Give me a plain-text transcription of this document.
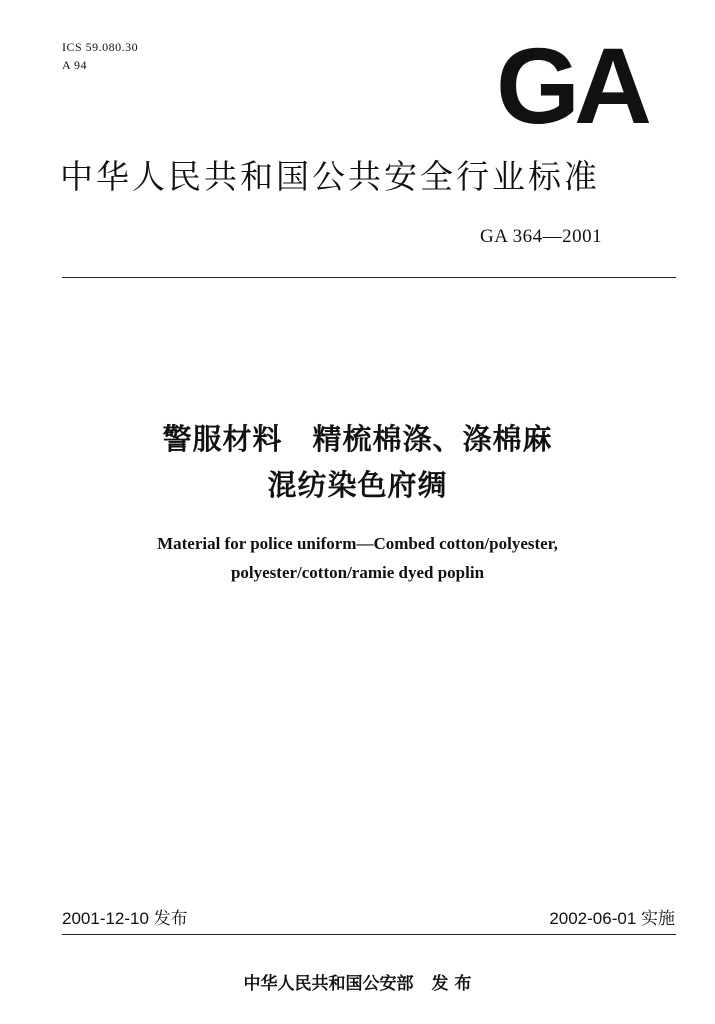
ICS 59.080.30
A 94	GA
中华人民共和国公共安全行业标准
GA 364—2001
警服材料　精梳棉涤、涤棉麻
混纺染色府绸
Material for police uniform—Combed cotton/polyester,
polyester/cotton/ramie dyed poplin
2001-12-10 发布	2002-06-01 实施
中华人民共和国公安部 发 布
